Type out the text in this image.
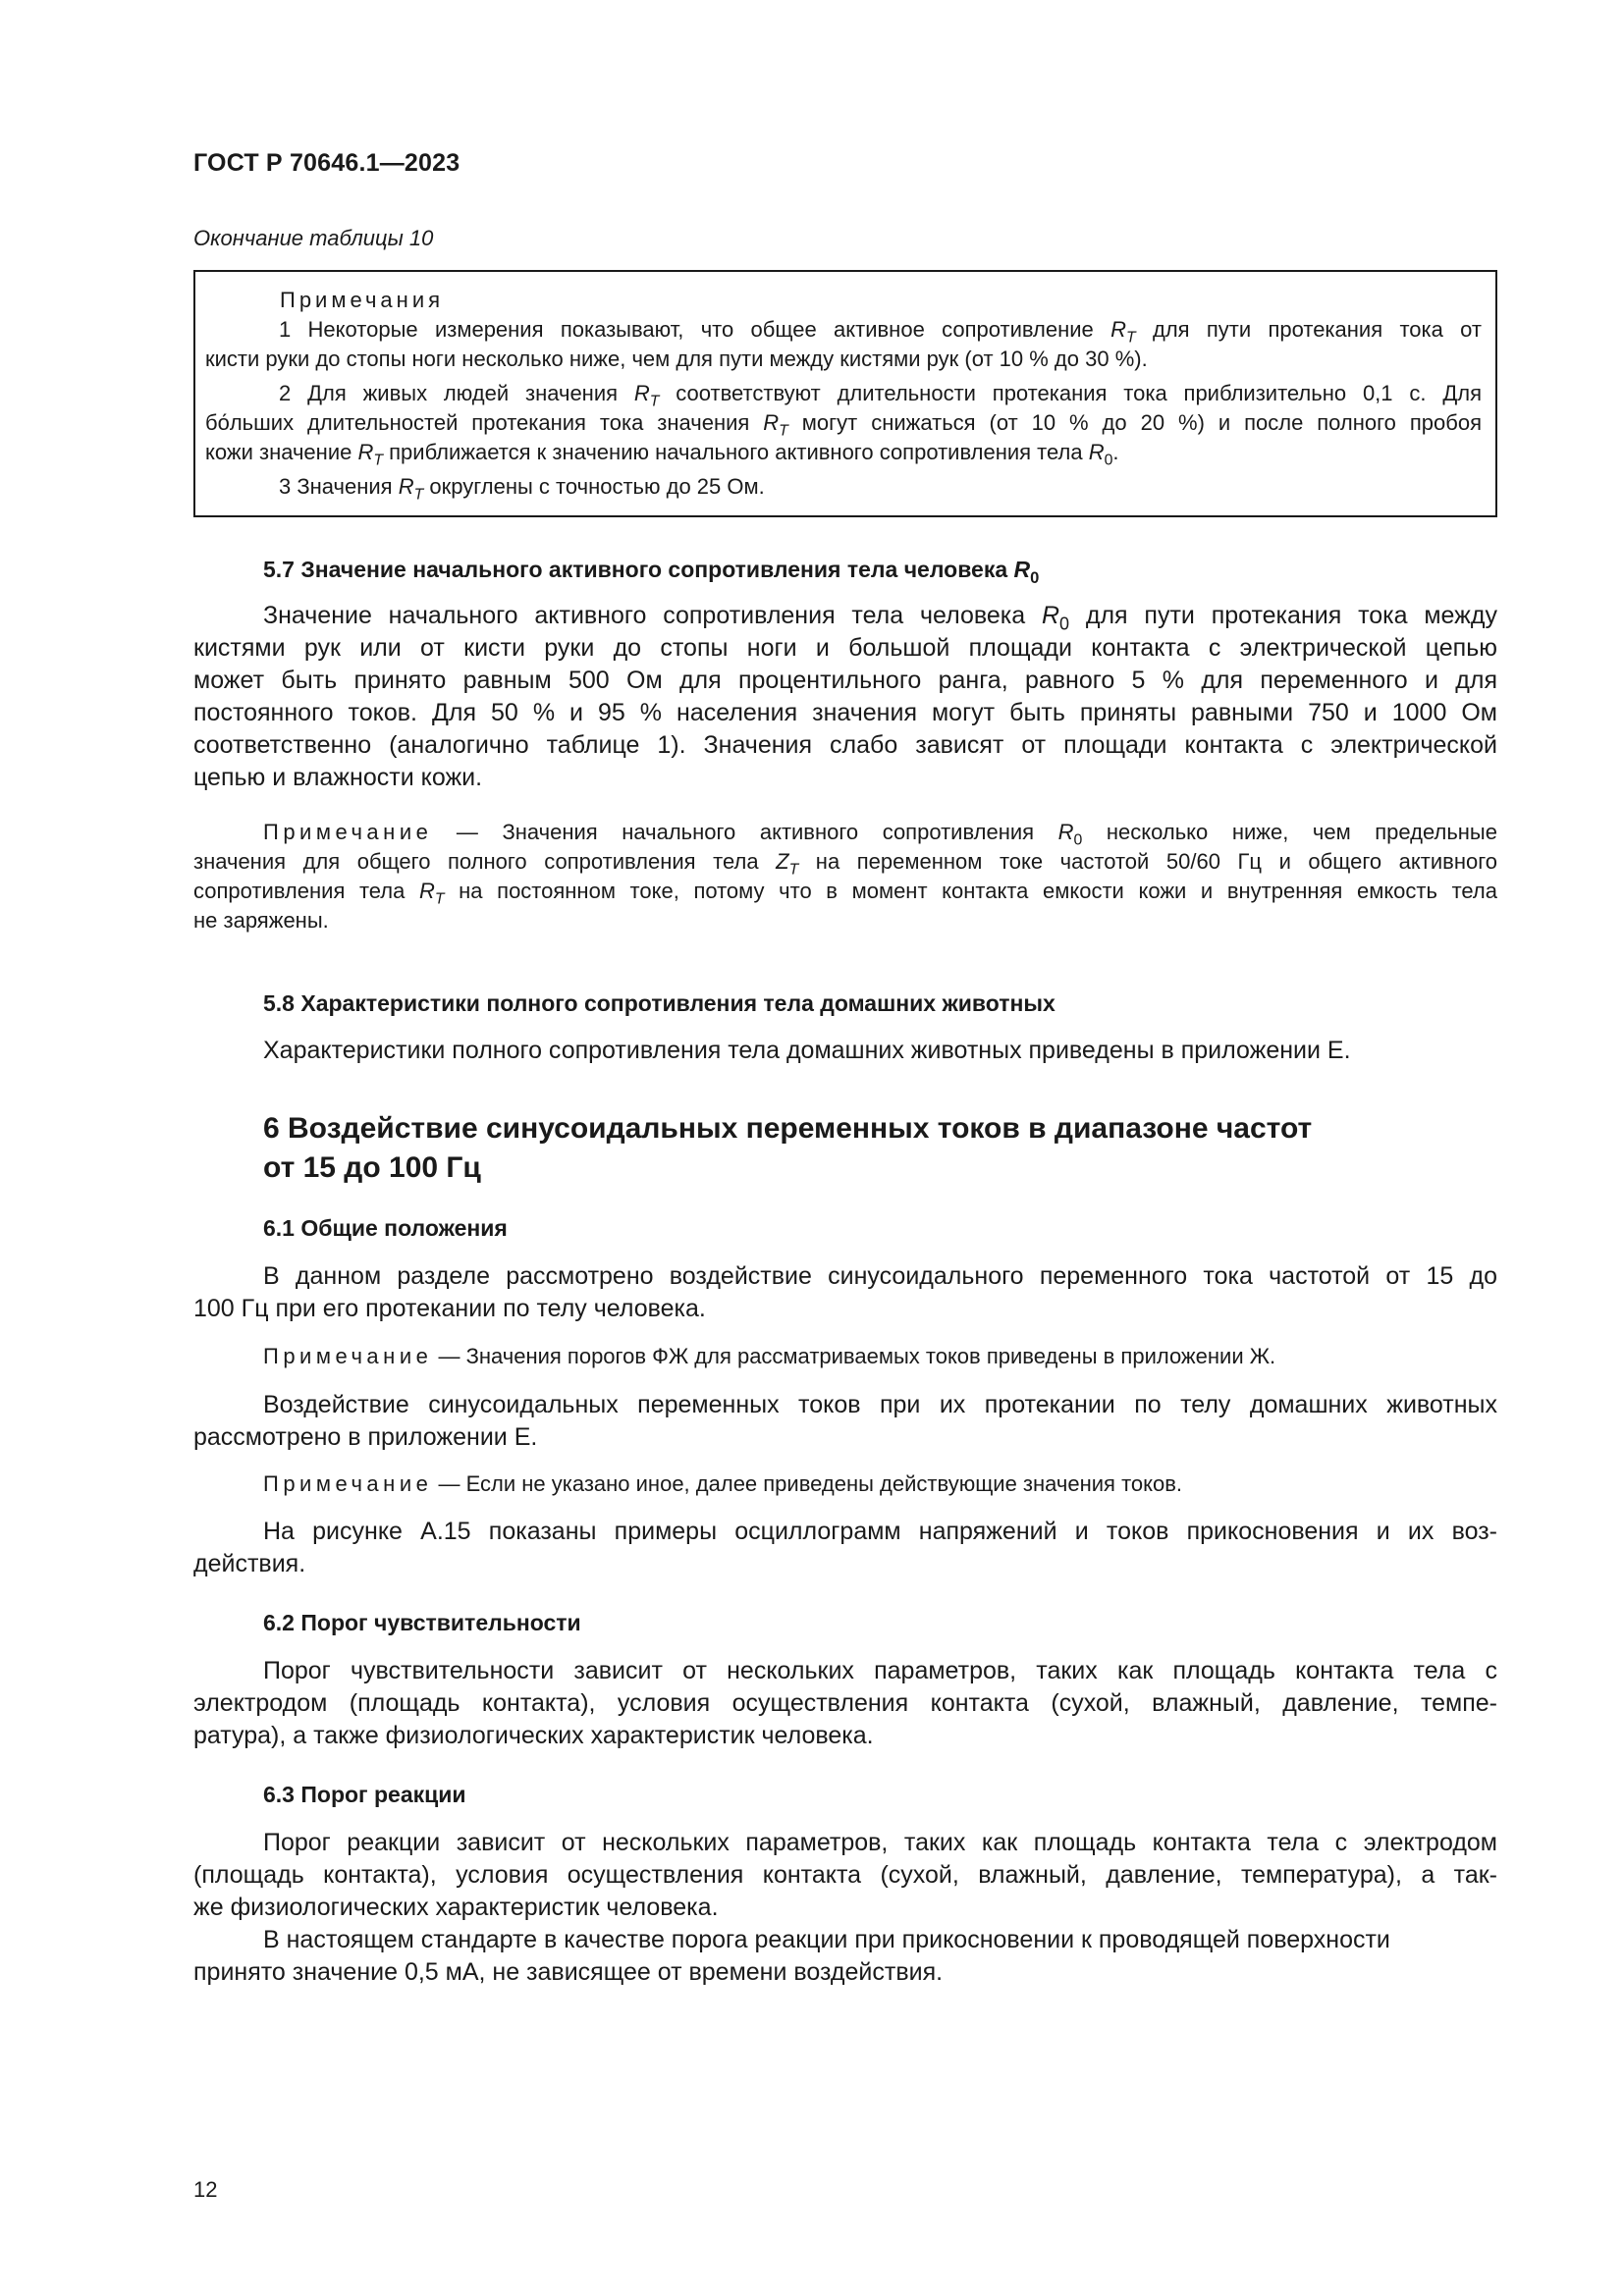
ГОСТ Р 70646.1—2023
Окончание таблицы 10
Примечания
1 Некоторые измерения показывают, что общее активное сопротивление $R_T$ для пути протекания тока от
кисти руки до стопы ноги несколько ниже, чем для пути между кистями рук (от 10 % до 30 %).
2 Для живых людей значения $R_T$ соответствуют длительности протекания тока приблизительно 0,1 с. Для
бо́льших длительностей протекания тока значения $R_T$ могут снижаться (от 10 % до 20 %) и после полного пробоя
кожи значение $R_T$ приближается к значению начального активного сопротивления тела $R_0$.
3 Значения $R_T$ округлены с точностью до 25 Ом.
5.7 Значение начального активного сопротивления тела человека $R_0$
Значение начального активного сопротивления тела человека $R_0$ для пути протекания тока между
кистями рук или от кисти руки до стопы ноги и большой площади контакта с электрической цепью
может быть принято равным 500 Ом для процентильного ранга, равного 5 % для переменного и для
постоянного токов. Для 50 % и 95 % населения значения могут быть приняты равными 750 и 1000 Ом
соответственно (аналогично таблице 1). Значения слабо зависят от площади контакта с электрической
цепью и влажности кожи.
Примечание — Значения начального активного сопротивления $R_0$ несколько ниже, чем предельные
значения для общего полного сопротивления тела $Z_T$ на переменном токе частотой 50/60 Гц и общего активного
сопротивления тела $R_T$ на постоянном токе, потому что в момент контакта емкости кожи и внутренняя емкость тела
не заряжены.
5.8 Характеристики полного сопротивления тела домашних животных
Характеристики полного сопротивления тела домашних животных приведены в приложении Е.
6 Воздействие синусоидальных переменных токов в диапазоне частот
от 15 до 100 Гц
6.1 Общие положения
В данном разделе рассмотрено воздействие синусоидального переменного тока частотой от 15 до
100 Гц при его протекании по телу человека.
Примечание — Значения порогов ФЖ для рассматриваемых токов приведены в приложении Ж.
Воздействие синусоидальных переменных токов при их протекании по телу домашних животных
рассмотрено в приложении Е.
Примечание — Если не указано иное, далее приведены действующие значения токов.
На рисунке А.15 показаны примеры осциллограмм напряжений и токов прикосновения и их воз-
действия.
6.2 Порог чувствительности
Порог чувствительности зависит от нескольких параметров, таких как площадь контакта тела с
электродом (площадь контакта), условия осуществления контакта (сухой, влажный, давление, темпе-
ратура), а также физиологических характеристик человека.
6.3 Порог реакции
Порог реакции зависит от нескольких параметров, таких как площадь контакта тела с электродом
(площадь контакта), условия осуществления контакта (сухой, влажный, давление, температура), а так-
же физиологических характеристик человека.
В настоящем стандарте в качестве порога реакции при прикосновении к проводящей поверхности
принято значение 0,5 мА, не зависящее от времени воздействия.
12
